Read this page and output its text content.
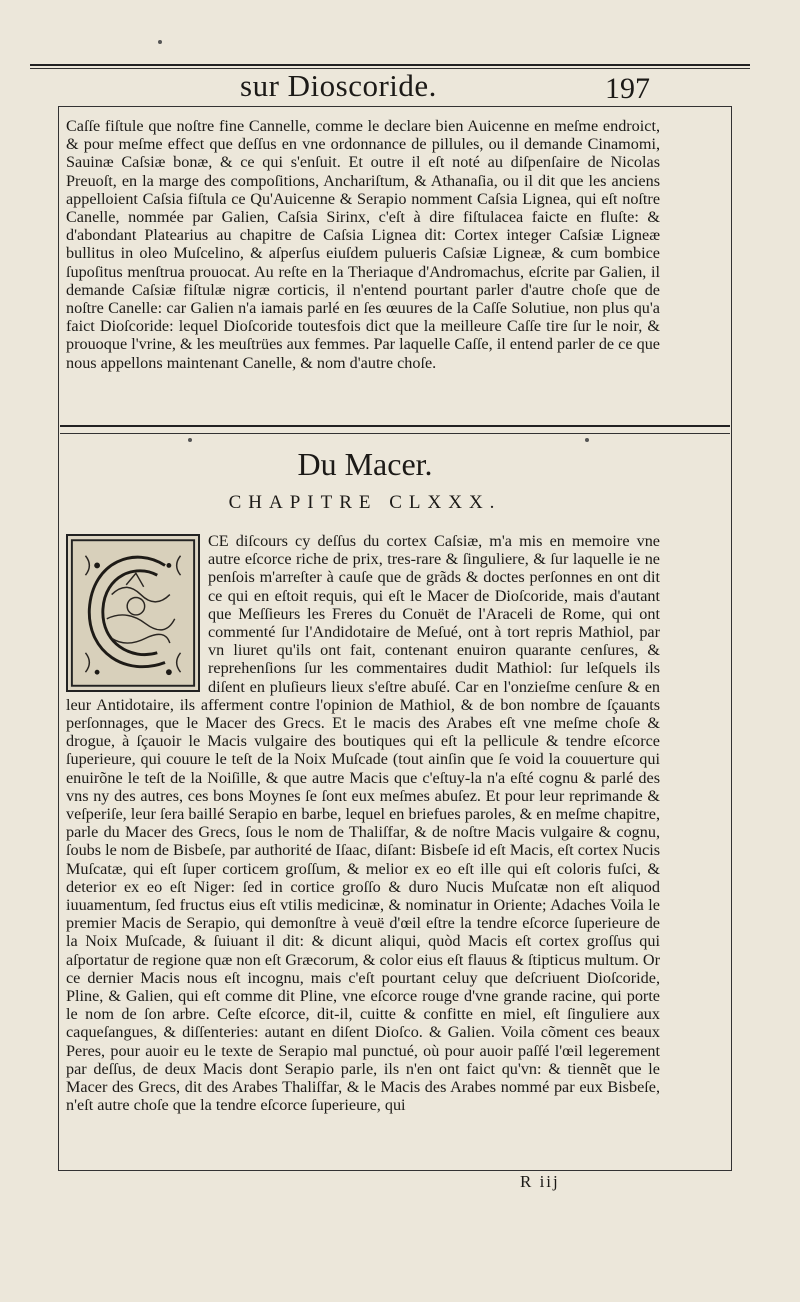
sur Dioscoride.	197

Caſſe fiſtule que noſtre fine Cannelle, comme le declare bien Auicenne en meſme endroict, & pour meſme effect que deſſus en vne ordonnance de pillules, ou il demande Cinamomi, Sauinæ Caſsiæ bonæ, & ce qui s'enſuit. Et outre il eſt noté au diſpenſaire de Nicolas Preuoſt, en la marge des compoſitions, Anchariſtum, & Athanaſia, ou il dit que les anciens appelloient Caſsia fiſtula ce Qu'Auicenne & Serapio nomment Caſsia Lignea, qui eſt noſtre Canelle, nommée par Galien, Caſsia Sirinx, c'eſt à dire fiſtulacea faicte en fluſte: & d'abondant Platearius au chapitre de Caſsia Lignea dit: Cortex integer Caſsiæ Ligneæ bullitus in oleo Muſcelino, & aſperſus eiuſdem pulueris Caſsiæ Ligneæ, & cum bombice ſupoſitus menſtrua prouocat. Au reſte en la Theriaque d'Andromachus, eſcrite par Galien, il demande Caſsiæ fiſtulæ nigræ corticis, il n'entend pourtant parler d'autre choſe que de noſtre Canelle: car Galien n'a iamais parlé en ſes œuures de la Caſſe Solutiue, non plus qu'a faict Dioſcoride: lequel Dioſcoride toutesfois dict que la meilleure Caſſe tire ſur le noir, & prouoque l'vrine, & les meuſtrües aux femmes. Par laquelle Caſſe, il entend parler de ce que nous appellons maintenant Canelle, & nom d'autre choſe.

Du Macer.
CHAPITRE CLXXX.

CE diſcours cy deſſus du cortex Caſsiæ, m'a mis en memoire vne autre eſcorce riche de prix, tres-rare & ſinguliere, & ſur laquelle ie ne penſois m'arreſter à cauſe que de grãds & doctes perſonnes en ont dit ce qui en eſtoit requis, qui eſt le Macer de Dioſcoride, mais d'autant que Meſſieurs les Freres du Conuët de l'Araceli de Rome, qui ont commenté ſur l'Andidotaire de Meſué, ont à tort repris Mathiol, par vn liuret qu'ils ont fait, contenant enuiron quarante cenſures, & reprehenſions ſur les commentaires dudit Mathiol: ſur leſquels ils diſent en pluſieurs lieux s'eſtre abuſé. Car en l'onzieſme cenſure & en leur Antidotaire, ils afferment contre l'opinion de Mathiol, & de bon nombre de ſçauants perſonnages, que le Macer des Grecs. Et le macis des Arabes eſt vne meſme choſe & drogue, à ſçauoir le Macis vulgaire des boutiques qui eſt la pellicule & tendre eſcorce ſuperieure, qui couure le teſt de la Noix Muſcade (tout ainſin que ſe void la couuerture qui enuirõne le teſt de la Noiſille, & que autre Macis que c'eſtuy-la n'a eſté cognu & parlé des vns ny des autres, ces bons Moynes ſe ſont eux meſmes abuſez. Et pour leur reprimande & veſperiſe, leur ſera baillé Serapio en barbe, lequel en briefues paroles, & en meſme chapitre, parle du Macer des Grecs, ſous le nom de Thaliſfar, & de noſtre Macis vulgaire & cognu, ſoubs le nom de Bisbeſe, par authorité de Iſaac, diſant: Bisbeſe id eſt Macis, eſt cortex Nucis Muſcatæ, qui eſt ſuper corticem groſſum, & melior ex eo eſt ille qui eſt coloris fuſci, & deterior ex eo eſt Niger: ſed in cortice groſſo & duro Nucis Muſcatæ non eſt aliquod iuuamentum, ſed fructus eius eſt vtilis medicinæ, & nominatur in Oriente; Adaches Voila le premier Macis de Serapio, qui demonſtre à veuë d'œil eſtre la tendre eſcorce ſuperieure de la Noix Muſcade, & ſuiuant il dit: & dicunt aliqui, quòd Macis eſt cortex groſſus qui aſportatur de regione quæ non eſt Græcorum, & color eius eſt flauus & ſtipticus multum. Or ce dernier Macis nous eſt incognu, mais c'eſt pourtant celuy que deſcriuent Dioſcoride, Pline, & Galien, qui eſt comme dit Pline, vne eſcorce rouge d'vne grande racine, qui porte le nom de ſon arbre. Ceſte eſcorce, dit-il, cuitte & confitte en miel, eſt ſinguliere aux caqueſangues, & diſſenteries: autant en diſent Dioſco. & Galien. Voila cõment ces beaux Peres, pour auoir eu le texte de Serapio mal punctué, où pour auoir paſſé l'œil legerement par deſſus, de deux Macis dont Serapio parle, ils n'en ont faict qu'vn: & tiennẽt que le Macer des Grecs, dit des Arabes Thaliſfar, & le Macis des Arabes nommé par eux Bisbeſe, n'eſt autre choſe que la tendre eſcorce ſuperieure, qui

R iij
